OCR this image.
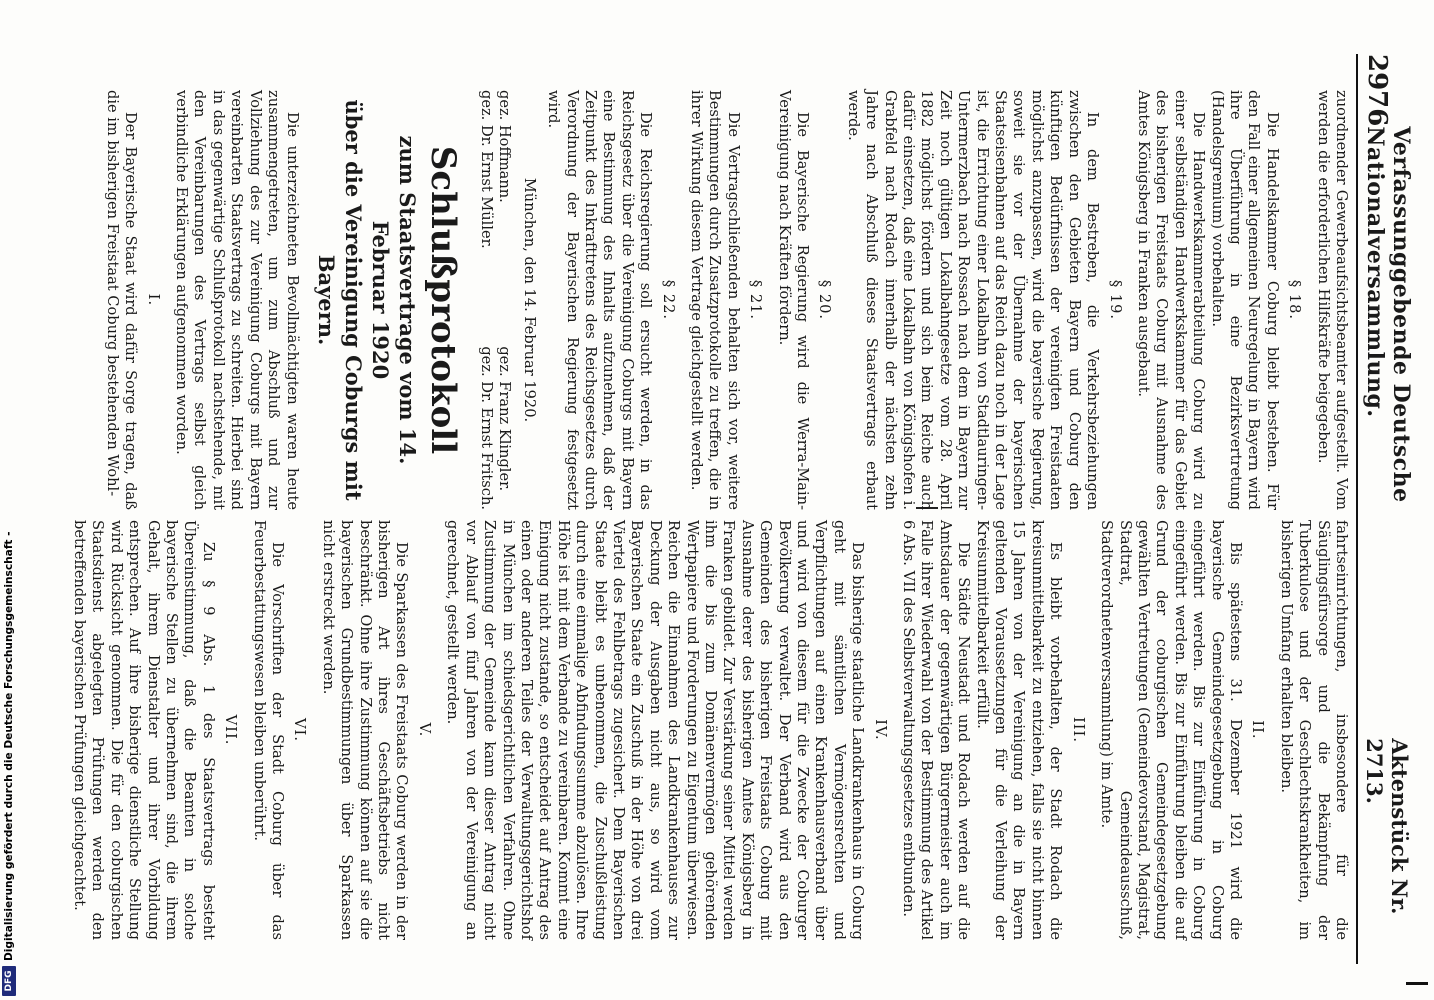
2976
Verfassunggebende Deutsche Nationalversammlung.
Aktenstück Nr. 2713.

zuordnender Gewerbeaufsichtsbeamter aufgestellt. Vom werden die erforderlichen Hilfskräfte beigegeben.

§ 18.

Die Handelskammer Coburg bleibt bestehen. Für den Fall einer allgemeinen Neuregelung in Bayern wird ihre Überführung in eine Bezirksvertretung (Handelsgremium) vorbehalten.

Die Handwerkskammerabteilung Coburg wird zu einer selbständigen Handwerkskammer für das Gebiet des bisherigen Freistaats Coburg mit Ausnahme des Amtes Königsberg in Franken ausgebaut.

§ 19.

In dem Bestreben, die Verkehrsbeziehungen zwischen den Gebieten Bayern und Coburg den künftigen Bedürfnissen der vereinigten Freistaaten möglichst anzupassen, wird die bayerische Regierung, soweit sie vor der Übernahme der bayerischen Staatseisenbahnen auf das Reich dazu noch in der Lage ist, die Errichtung einer Lokalbahn von Stadtlauringen-Untermerzbach nach Rossach nach dem in Bayern zur Zeit noch gültigen Lokalbahngesetze vom 28. April 1882 möglichst fördern und sich beim Reiche auch dafür einsetzen, daß eine Lokalbahn von Königshofen i. Grabfeld nach Rodach innerhalb der nächsten zehn Jahre nach Abschluß dieses Staatsvertrags erbaut werde.

§ 20.

Die Bayerische Regierung wird die Werra-Main-Vereinigung nach Kräften fördern.

§ 21.

Die Vertragschließenden behalten sich vor, weitere Bestimmungen durch Zusatzprotokolle zu treffen, die in ihrer Wirkung diesem Vertrage gleichgestellt werden.

§ 22.

Die Reichsregierung soll ersucht werden, in das Reichsgesetz über die Vereinigung Coburgs mit Bayern eine Bestimmung des Inhalts aufzunehmen, daß der Zeitpunkt des Inkrafttretens des Reichsgesetzes durch Verordnung der Bayerischen Regierung festgesetzt wird.

München, den 14. Februar 1920.

gez. Hoffmann.
gez. Dr. Ernst Müller.
gez. Franz Klingler.
gez. Dr. Ernst Fritsch.
Schlußprotokoll
zum Staatsvertrage vom 14. Februar 1920
über die Vereinigung Coburgs mit Bayern.

Die unterzeichneten Bevollmächtigten waren heute zusammengetreten, um zum Abschluß und zur Vollziehung des zur Vereinigung Coburgs mit Bayern vereinbarten Staatsvertrags zu schreiten. Hierbei sind in das gegenwärtige Schlußprotokoll nachstehende, mit den Vereinbarungen des Vertrags selbst gleich verbindliche Erklärungen aufgenommen worden.

I.

Der Bayerische Staat wird dafür Sorge tragen, daß die im bisherigen Freistaat Coburg bestehenden Wohl-

fahrtseinrichtungen, insbesondere für die Säuglingsfürsorge und die Bekämpfung der Tuberkulose und der Geschlechtskrankheiten, im bisherigen Umfang erhalten bleiben.

II.

Bis spätestens 31. Dezember 1921 wird die bayerische Gemeindegesetzgebung in Coburg eingeführt werden. Bis zur Einführung in Coburg eingeführt werden. Bis zur Einführung bleiben die auf Grund der coburgischen Gemeindegesetzgebung gewählten Vertretungen (Gemeindevorstand, Magistrat, Stadtrat, Gemeindeausschuß, Stadtverordnetenversammlung) im Amte.

III.

Es bleibt vorbehalten, der Stadt Rodach die kreisunmittelbarkeit zu entziehen, falls sie nicht binnen 15 Jahren von der Vereinigung an die in Bayern geltenden Voraussetzungen für die Verleihung der Kreisunmittelbarkeit erfüllt.

Die Städte Neustadt und Rodach werden auf die Amtsdauer der gegenwärtigen Bürgermeister auch im Falle ihrer Wiederwahl von der Bestimmung des Artikel 6 Abs. VII des Selbstverwaltungsgesetzes entbunden.

IV.

Das bisherige staatliche Landkrankenhaus in Coburg geht mit sämtlichen Vermögensrechten und Verpflichtungen auf einen Krankenhausverband über und wird von diesem für die Zwecke der Coburger Bevölkerung verwaltet. Der Verband wird aus den Gemeinden des bisherigen Freistaats Coburg mit Ausnahme derer des bisherigen Amtes Königsberg in Franken gebildet. Zur Verstärkung seiner Mittel werden ihm die bis zum Domänenvermögen gehörenden Wertpapiere und Forderungen zu Eigentum überwiesen. Reichen die Einnahmen des Landkrankenhauses zur Deckung der Ausgaben nicht aus, so wird vom Bayerischen Staate ein Zuschuß in der Höhe von drei Viertel des Fehlbetrags zugesichert. Dem Bayerischen Staate bleibt es unbenommen, die Zuschußleistung durch eine einmalige Abfindungssumme abzulösen. Ihre Höhe ist mit dem Verbande zu vereinbaren. Kommt eine Einigung nicht zustande, so entscheidet auf Antrag des einen oder anderen Teiles der Verwaltungsgerichtshof in München im schiedsgerichtlichen Verfahren. Ohne Zustimmung der Gemeinde kann dieser Antrag nicht vor Ablauf von fünf Jahren von der Vereinigung an gerechnet, gestellt werden.

V.

Die Sparkassen des Freistaats Coburg werden in der bisherigen Art ihres Geschäftsbetriebs nicht beschränkt. Ohne ihre Zustimmung können auf sie die bayerischen Grundbestimmungen über Sparkassen nicht erstreckt werden.

VI.

Die Vorschriften der Stadt Coburg über das Feuerbestattungswesen bleiben unberührt.

VII.

Zu § 9 Abs. 1 des Staatsvertrags besteht Übereinstimmung, daß die Beamten in solche bayerische Stellen zu übernehmen sind, die ihrem Gehalt, ihrem Dienstalter und ihrer Vorbildung entsprechen. Auf ihre bisherige dienstliche Stellung wird Rücksicht genommen. Die für den coburgischen Staatsdienst abgelegten Prüfungen werden den betreffenden bayerischen Prüfungen gleichgeachtet.

DFG
Digitalisierung gefördert durch die Deutsche Forschungsgemeinschaft -
